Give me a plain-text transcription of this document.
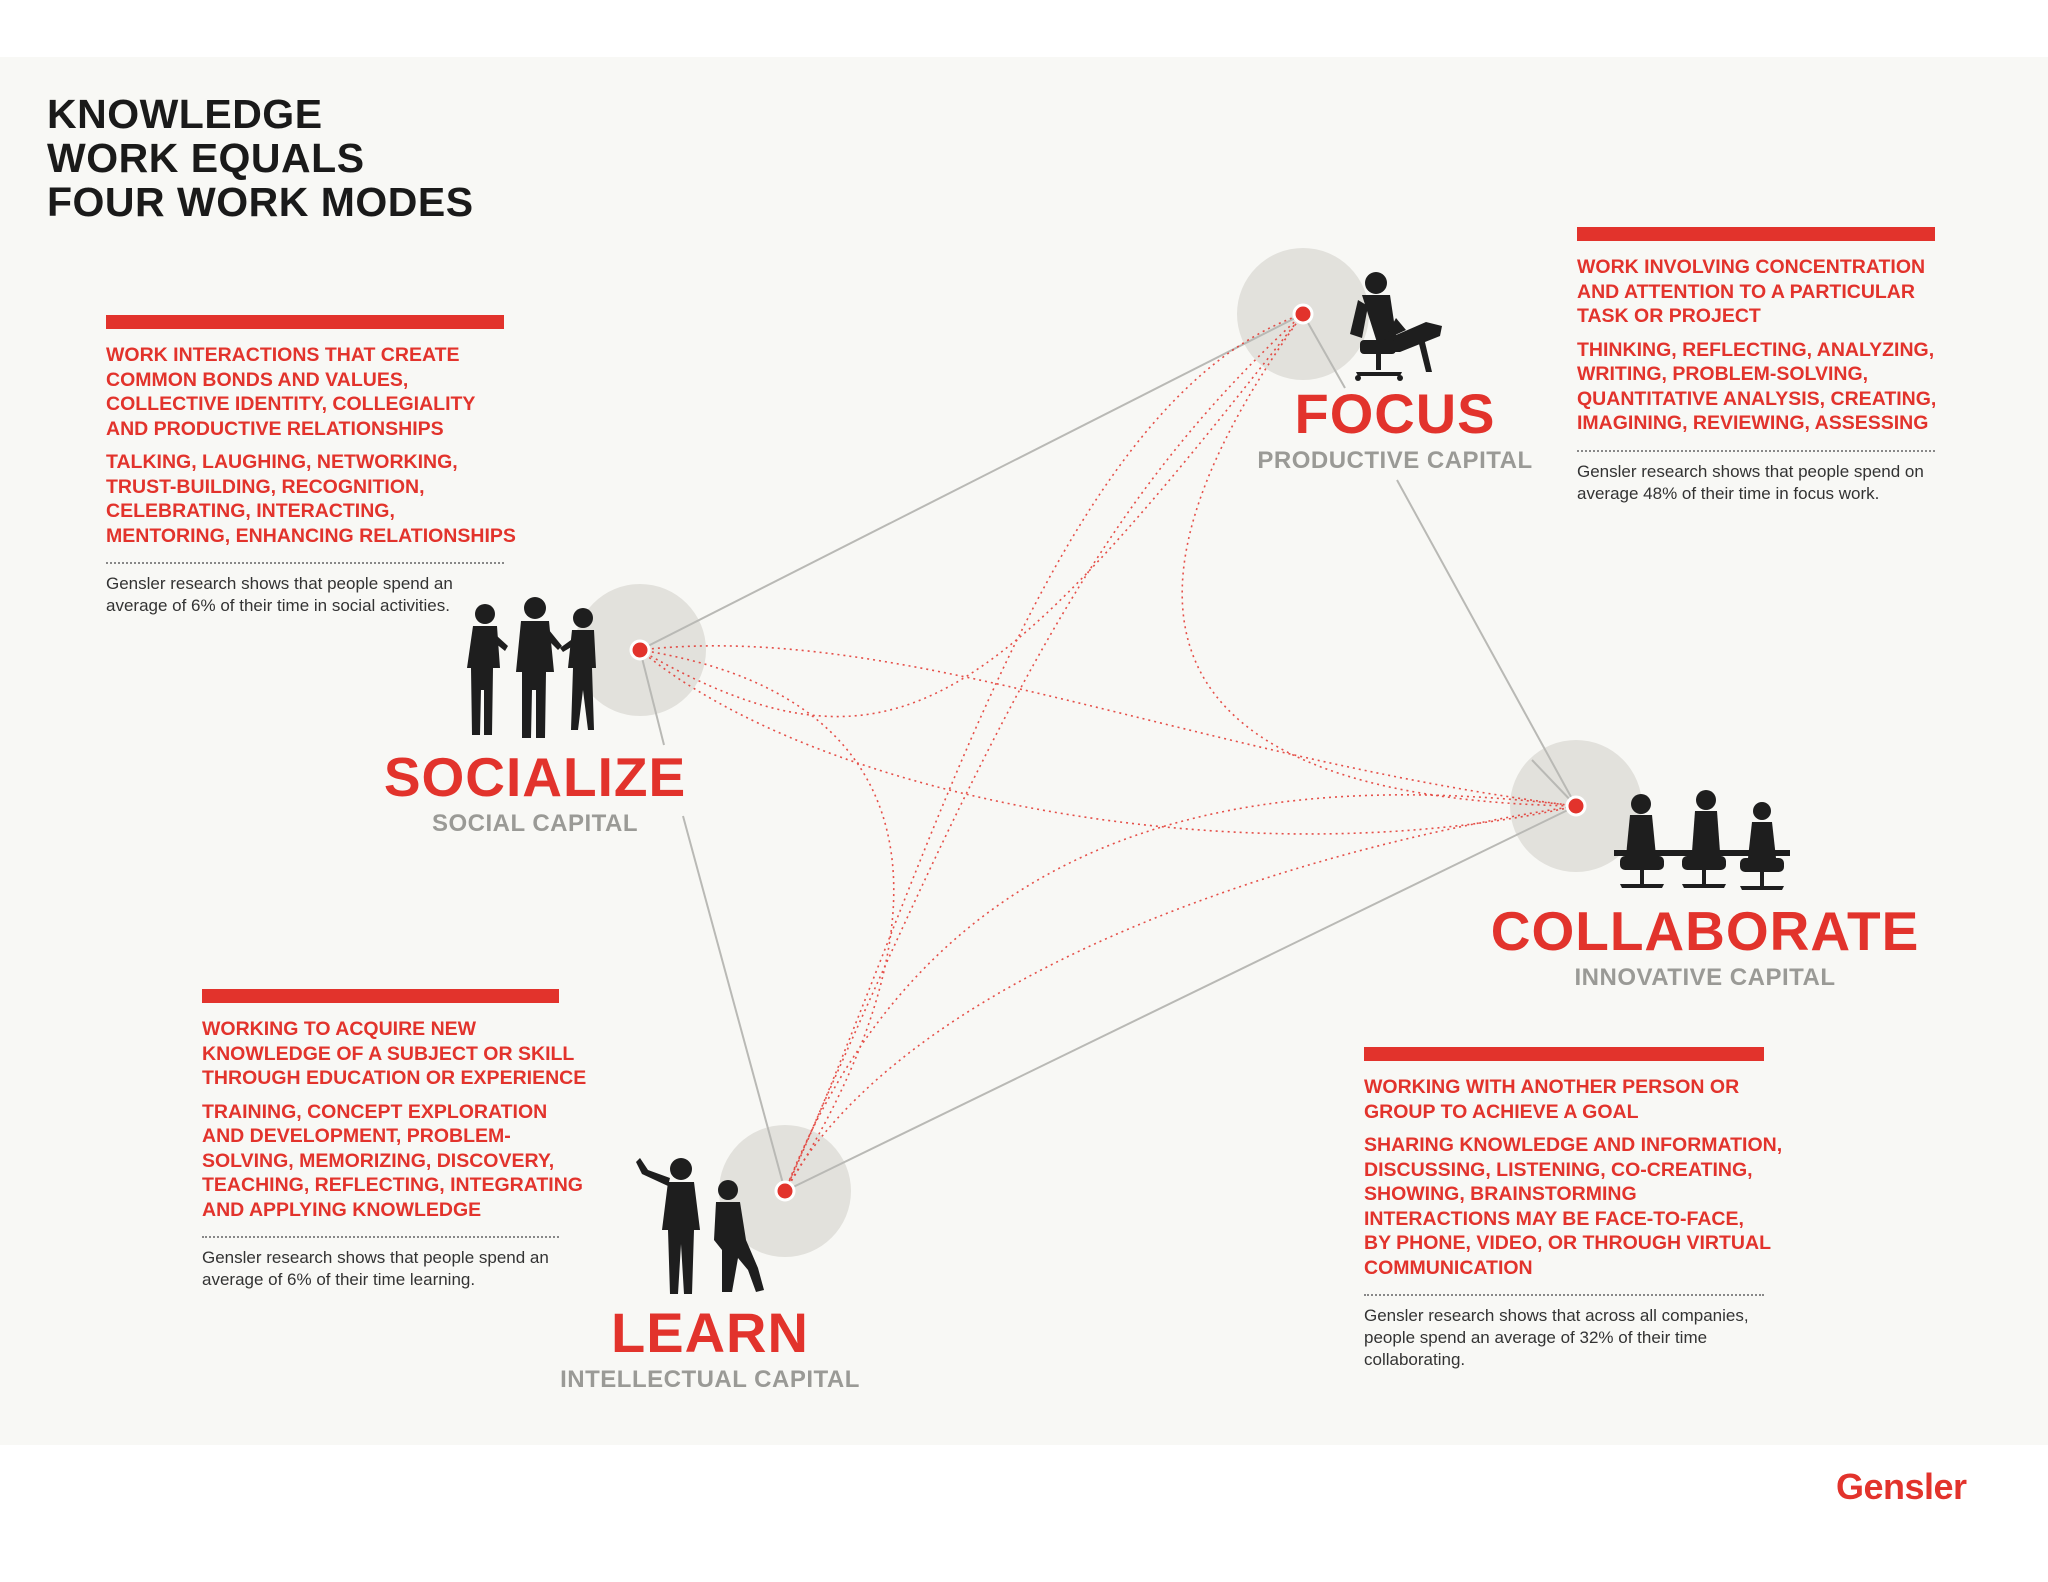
KNOWLEDGE
WORK EQUALS
FOUR WORK MODES
WORK INTERACTIONS THAT CREATE
COMMON BONDS AND VALUES,
COLLECTIVE IDENTITY, COLLEGIALITY
AND PRODUCTIVE RELATIONSHIPS
TALKING, LAUGHING, NETWORKING,
TRUST-BUILDING, RECOGNITION,
CELEBRATING, INTERACTING,
MENTORING, ENHANCING RELATIONSHIPS
Gensler research shows that people spend an
average of 6% of their time in social activities.
WORK INVOLVING CONCENTRATION
AND ATTENTION TO A PARTICULAR
TASK OR PROJECT
THINKING, REFLECTING, ANALYZING,
WRITING, PROBLEM-SOLVING,
QUANTITATIVE ANALYSIS, CREATING,
IMAGINING, REVIEWING, ASSESSING
Gensler research shows that people spend on
average 48% of their time in focus work.
WORKING TO ACQUIRE NEW
KNOWLEDGE OF A SUBJECT OR SKILL
THROUGH EDUCATION OR EXPERIENCE
TRAINING, CONCEPT EXPLORATION
AND DEVELOPMENT, PROBLEM-
SOLVING, MEMORIZING, DISCOVERY,
TEACHING, REFLECTING, INTEGRATING
AND APPLYING KNOWLEDGE
Gensler research shows that people spend an
average of 6% of their time learning.
WORKING WITH ANOTHER PERSON OR
GROUP TO ACHIEVE A GOAL
SHARING KNOWLEDGE AND INFORMATION,
DISCUSSING, LISTENING, CO-CREATING,
SHOWING, BRAINSTORMING
INTERACTIONS MAY BE FACE-TO-FACE,
BY PHONE, VIDEO, OR THROUGH VIRTUAL
COMMUNICATION
Gensler research shows that across all companies,
people spend an average of 32% of their time
collaborating.
FOCUS
PRODUCTIVE CAPITAL
SOCIALIZE
SOCIAL CAPITAL
COLLABORATE
INNOVATIVE CAPITAL
LEARN
INTELLECTUAL CAPITAL
Gensler
